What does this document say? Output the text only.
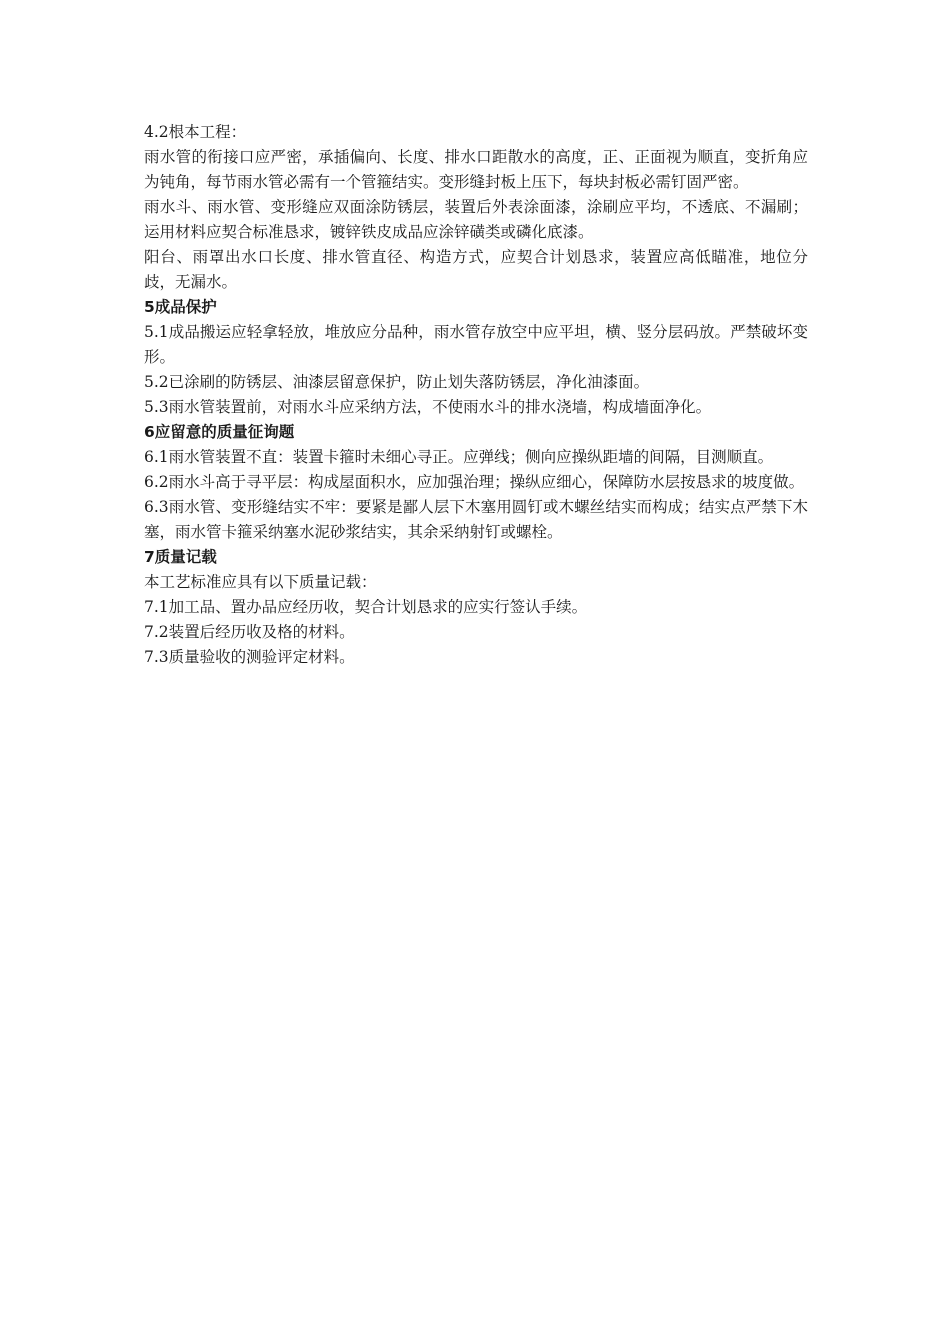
4.2根本工程：

雨水管的衔接口应严密，承插偏向、长度、排水口距散水的高度，正、正面视为顺直，变折角应为钝角，每节雨水管必需有一个管箍结实。变形缝封板上压下，每块封板必需钉固严密。

雨水斗、雨水管、变形缝应双面涂防锈层，装置后外表涂面漆，涂刷应平均，不透底、不漏刷；运用材料应契合标准恳求，镀锌铁皮成品应涂锌磺类或磷化底漆。

阳台、雨罩出水口长度、排水管直径、构造方式，应契合计划恳求，装置应高低瞄准，地位分歧，无漏水。

5成品保护

5.1成品搬运应轻拿轻放，堆放应分品种，雨水管存放空中应平坦，横、竖分层码放。严禁破坏变形。

5.2已涂刷的防锈层、油漆层留意保护，防止划失落防锈层，净化油漆面。

5.3雨水管装置前，对雨水斗应采纳方法，不使雨水斗的排水浇墙，构成墙面净化。

6应留意的质量征询题

6.1雨水管装置不直：装置卡箍时未细心寻正。应弹线；侧向应操纵距墙的间隔，目测顺直。

6.2雨水斗高于寻平层：构成屋面积水，应加强治理；操纵应细心，保障防水层按恳求的坡度做。

6.3雨水管、变形缝结实不牢：要紧是鄙人层下木塞用圆钉或木螺丝结实而构成；结实点严禁下木塞，雨水管卡箍采纳塞水泥砂浆结实，其余采纳射钉或螺栓。

7质量记载

本工艺标准应具有以下质量记载：

7.1加工品、置办品应经历收，契合计划恳求的应实行签认手续。

7.2装置后经历收及格的材料。

7.3质量验收的测验评定材料。
